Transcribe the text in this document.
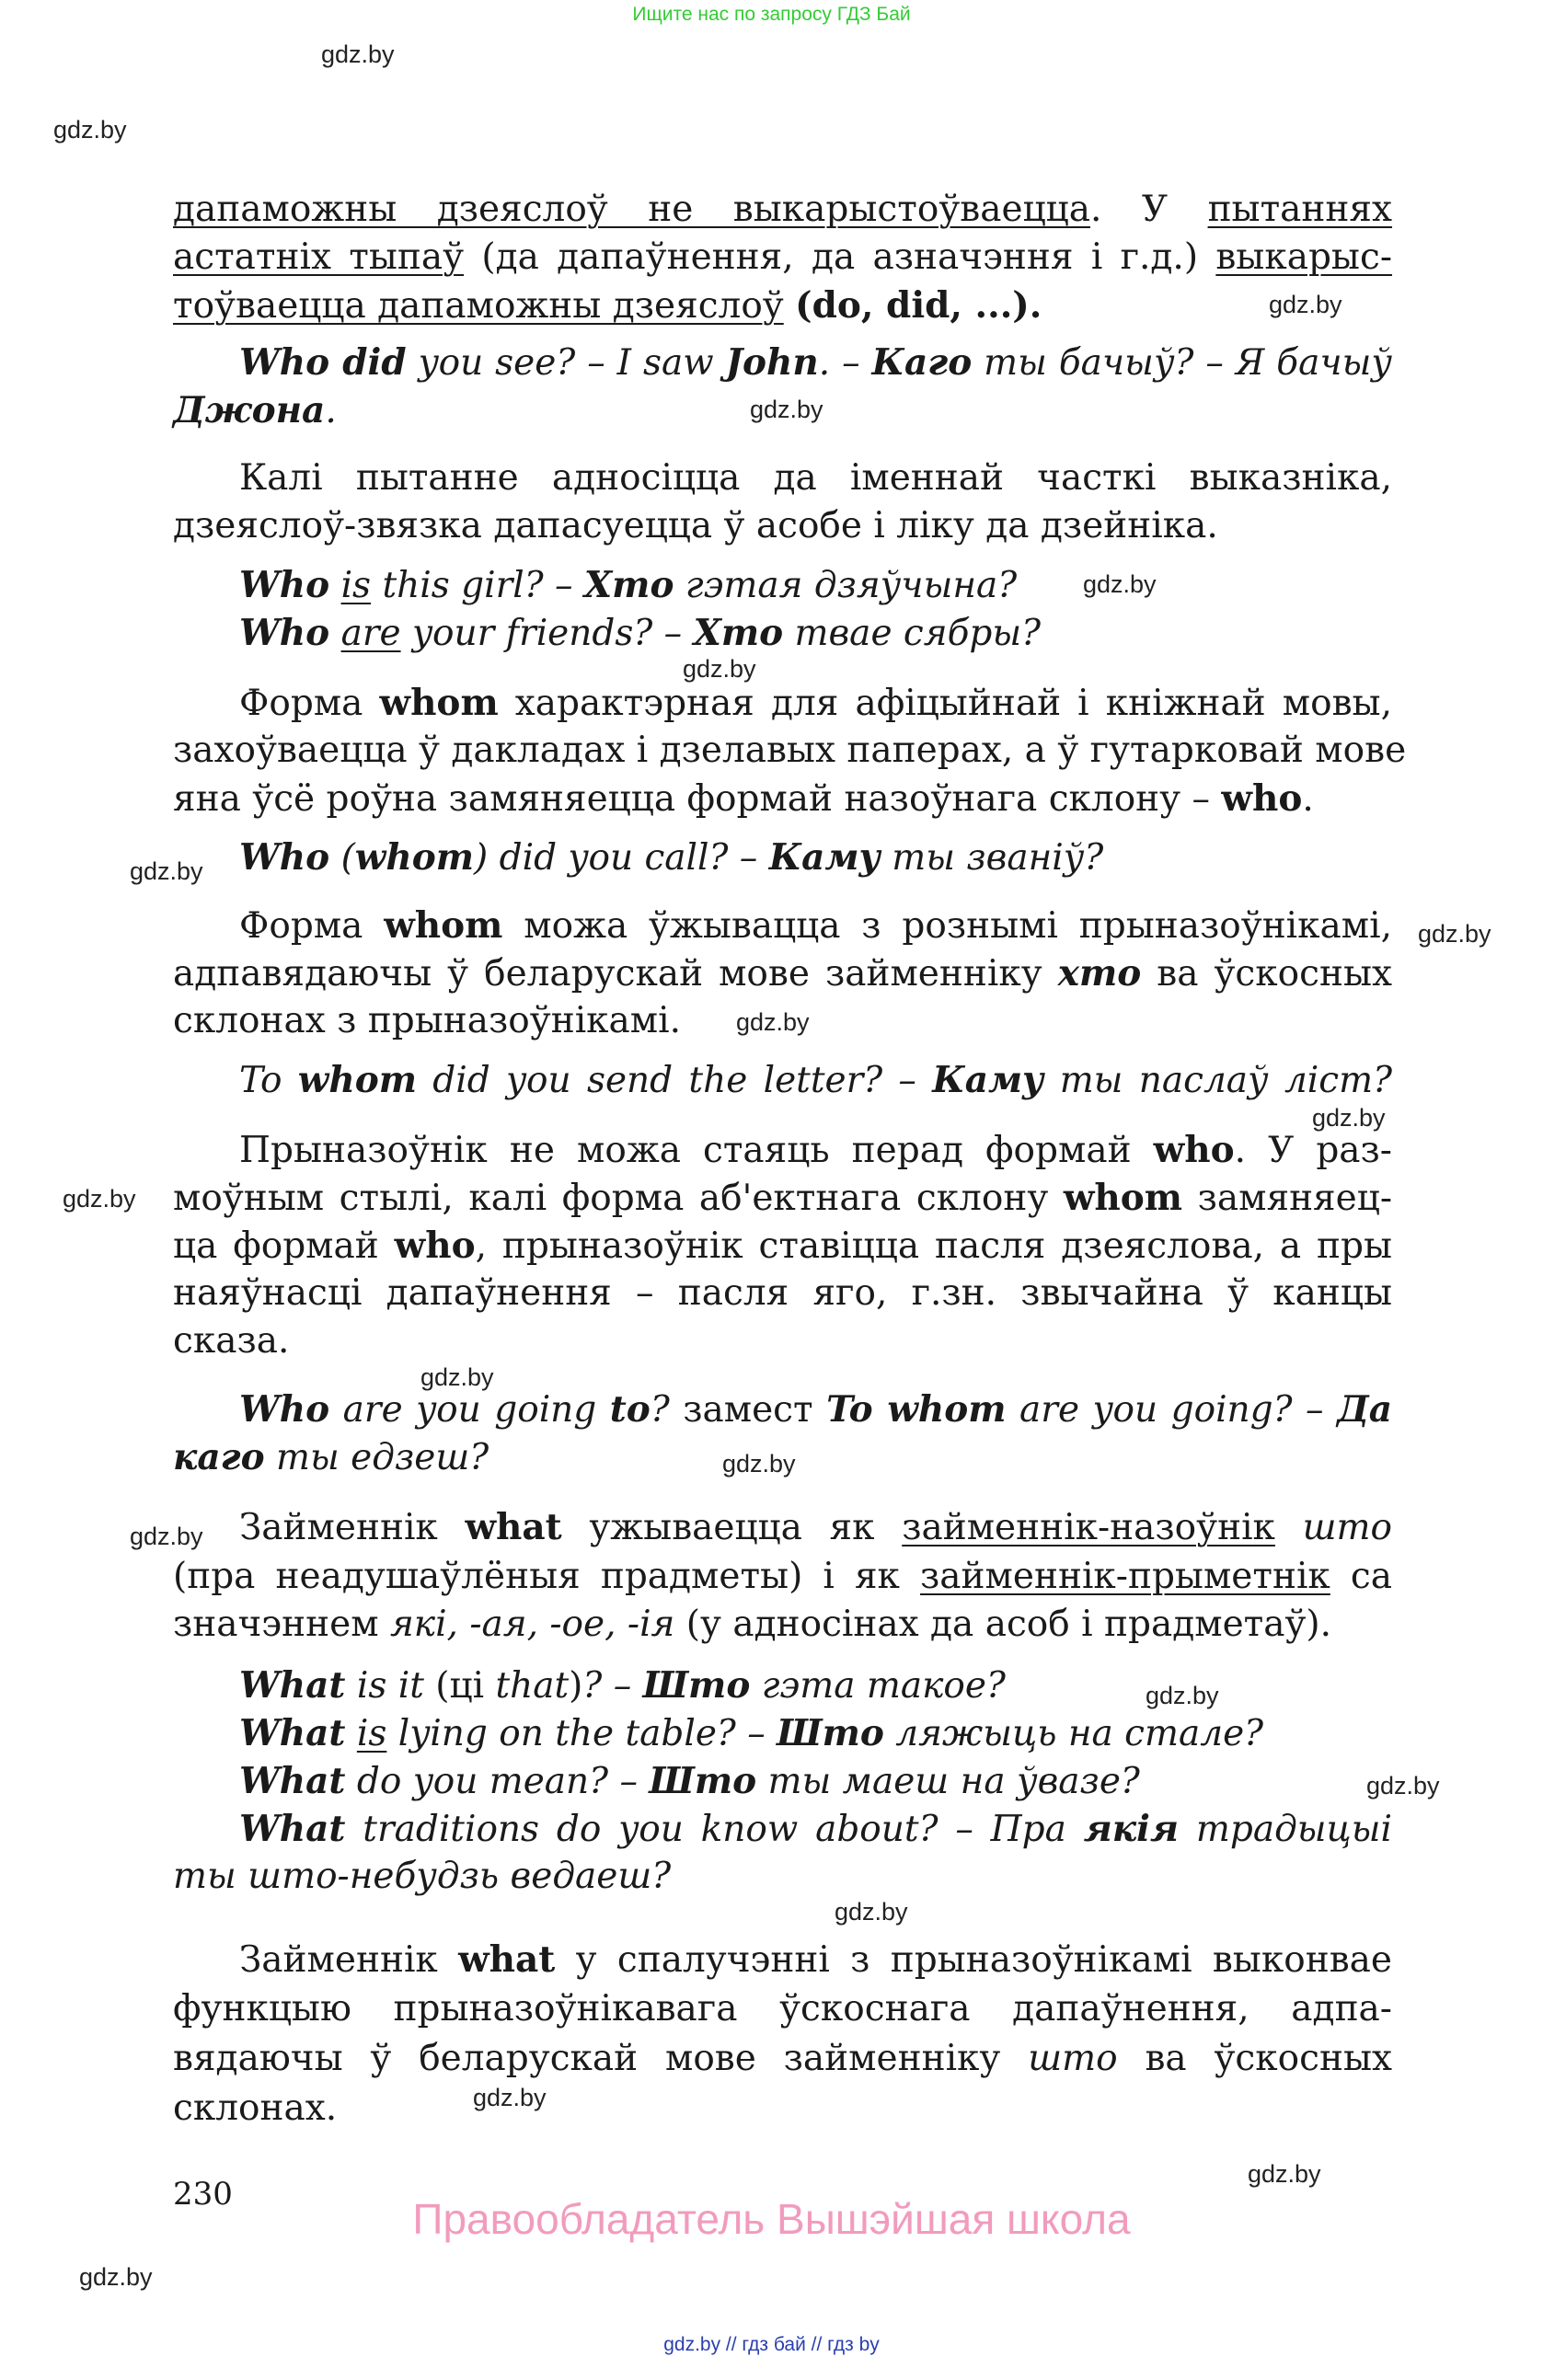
Ищите нас по запросу ГДЗ Бай
gdz.by
gdz.by
gdz.by
gdz.by
gdz.by
gdz.by
gdz.by
gdz.by
gdz.by
gdz.by
gdz.by
gdz.by
gdz.by
gdz.by
gdz.by
gdz.by
gdz.by
gdz.by
gdz.by
gdz.by
дапаможны дзеяслоў не выкарыстоўваецца. У пытаннях
астатніх тыпаў (да дапаўнення, да азначэння і г.д.) выкарыс-
тоўваецца дапаможны дзеяслоў (do, did, ...).
Who did you see? – I saw John. – Каго ты бачыў? – Я бачыў
Джона.
Калі пытанне адносіцца да іменнай часткі выказніка,
дзеяслоў-звязка дапасуецца ў асобе і ліку да дзейніка.
Who is this girl? – Хто гэтая дзяўчына?
Who are your friends? – Хто твае сябры?
Форма whom характэрная для афіцыйнай і кніжнай мовы,
захоўваецца ў дакладах і дзелавых паперах, а ў гутарковай мове
яна ўсё роўна замяняецца формай назоўнага склону – who.
Who (whom) did you call? – Каму ты званіў?
Форма whom можа ўжывацца з рознымі прыназоўнікамі,
адпавядаючы ў беларускай мове займенніку хто ва ўскосных
склонах з прыназоўнікамі.
To whom did you send the letter? – Каму ты паслаў ліст?
Прыназоўнік не можа стаяць перад формай who. У раз-
моўным стылі, калі форма аб'ектнага склону whom замяняец-
ца формай who, прыназоўнік ставіцца пасля дзеяслова, а пры
наяўнасці дапаўнення – пасля яго, г.зн. звычайна ў канцы
сказа.
Who are you going to? замест To whom are you going? – Да
каго ты едзеш?
Займеннік what ужываецца як займеннік-назоўнік што
(пра неадушаўлёныя прадметы) і як займеннік-прыметнік са
значэннем які, -ая, -ое, -ія (у адносінах да асоб і прадметаў).
What is it (ці that)? – Што гэта такое?
What is lying on the table? – Што ляжыць на стале?
What do you mean? – Што ты маеш на ўвазе?
What traditions do you know about? – Пра якія традыцыі
ты што-небудзь ведаеш?
Займеннік what у спалучэнні з прыназоўнікамі выконвае
функцыю прыназоўнікавага ўскоснага дапаўнення, адпа-
вядаючы ў беларускай мове займенніку што ва ўскосных
склонах.
230
Правообладатель Вышэйшая школа
gdz.by // гдз бай // гдз by
